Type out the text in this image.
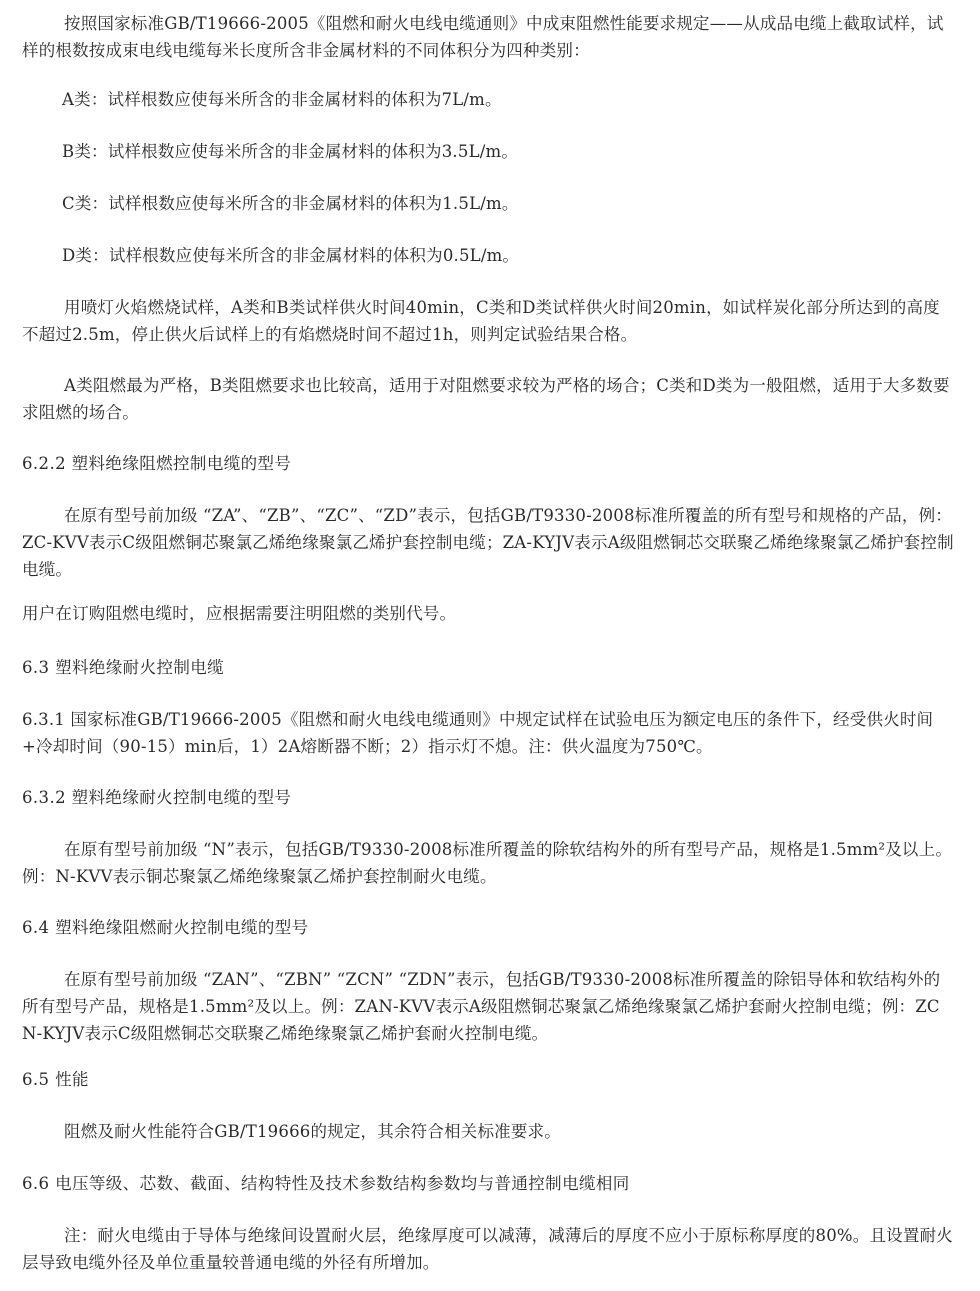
按照国家标准GB/T19666-2005《阻燃和耐火电线电缆通则》中成束阻燃性能要求规定——从成品电缆上截取试样，试样的根数按成束电线电缆每米长度所含非金属材料的不同体积分为四种类别：

A类：试样根数应使每米所含的非金属材料的体积为7L/m。

B类：试样根数应使每米所含的非金属材料的体积为3.5L/m。

C类：试样根数应使每米所含的非金属材料的体积为1.5L/m。

D类：试样根数应使每米所含的非金属材料的体积为0.5L/m。

用喷灯火焰燃烧试样，A类和B类试样供火时间40min，C类和D类试样供火时间20min，如试样炭化部分所达到的高度不超过2.5m，停止供火后试样上的有焰燃烧时间不超过1h，则判定试验结果合格。

A类阻燃最为严格，B类阻燃要求也比较高，适用于对阻燃要求较为严格的场合；C类和D类为一般阻燃，适用于大多数要求阻燃的场合。

6.2.2 塑料绝缘阻燃控制电缆的型号

在原有型号前加级 “ZA”、“ZB”、“ZC”、“ZD”表示，包括GB/T9330-2008标准所覆盖的所有型号和规格的产品，例：ZC-KVV表示C级阻燃铜芯聚氯乙烯绝缘聚氯乙烯护套控制电缆；ZA-KYJV表示A级阻燃铜芯交联聚乙烯绝缘聚氯乙烯护套控制电缆。

用户在订购阻燃电缆时，应根据需要注明阻燃的类别代号。

6.3 塑料绝缘耐火控制电缆

6.3.1 国家标准GB/T19666-2005《阻燃和耐火电线电缆通则》中规定试样在试验电压为额定电压的条件下，经受供火时间+冷却时间（90-15）min后，1）2A熔断器不断；2）指示灯不熄。注：供火温度为750℃。

6.3.2 塑料绝缘耐火控制电缆的型号

在原有型号前加级 “N”表示，包括GB/T9330-2008标准所覆盖的除软结构外的所有型号产品，规格是1.5mm²及以上。例：N-KVV表示铜芯聚氯乙烯绝缘聚氯乙烯护套控制耐火电缆。

6.4 塑料绝缘阻燃耐火控制电缆的型号

在原有型号前加级 “ZAN”、“ZBN” “ZCN” “ZDN”表示，包括GB/T9330-2008标准所覆盖的除铝导体和软结构外的所有型号产品，规格是1.5mm²及以上。例：ZAN-KVV表示A级阻燃铜芯聚氯乙烯绝缘聚氯乙烯护套耐火控制电缆；例：ZCN-KYJV表示C级阻燃铜芯交联聚乙烯绝缘聚氯乙烯护套耐火控制电缆。

6.5 性能

阻燃及耐火性能符合GB/T19666的规定，其余符合相关标准要求。

6.6 电压等级、芯数、截面、结构特性及技术参数结构参数均与普通控制电缆相同

注：耐火电缆由于导体与绝缘间设置耐火层，绝缘厚度可以减薄，减薄后的厚度不应小于原标称厚度的80%。且设置耐火层导致电缆外径及单位重量较普通电缆的外径有所增加。
